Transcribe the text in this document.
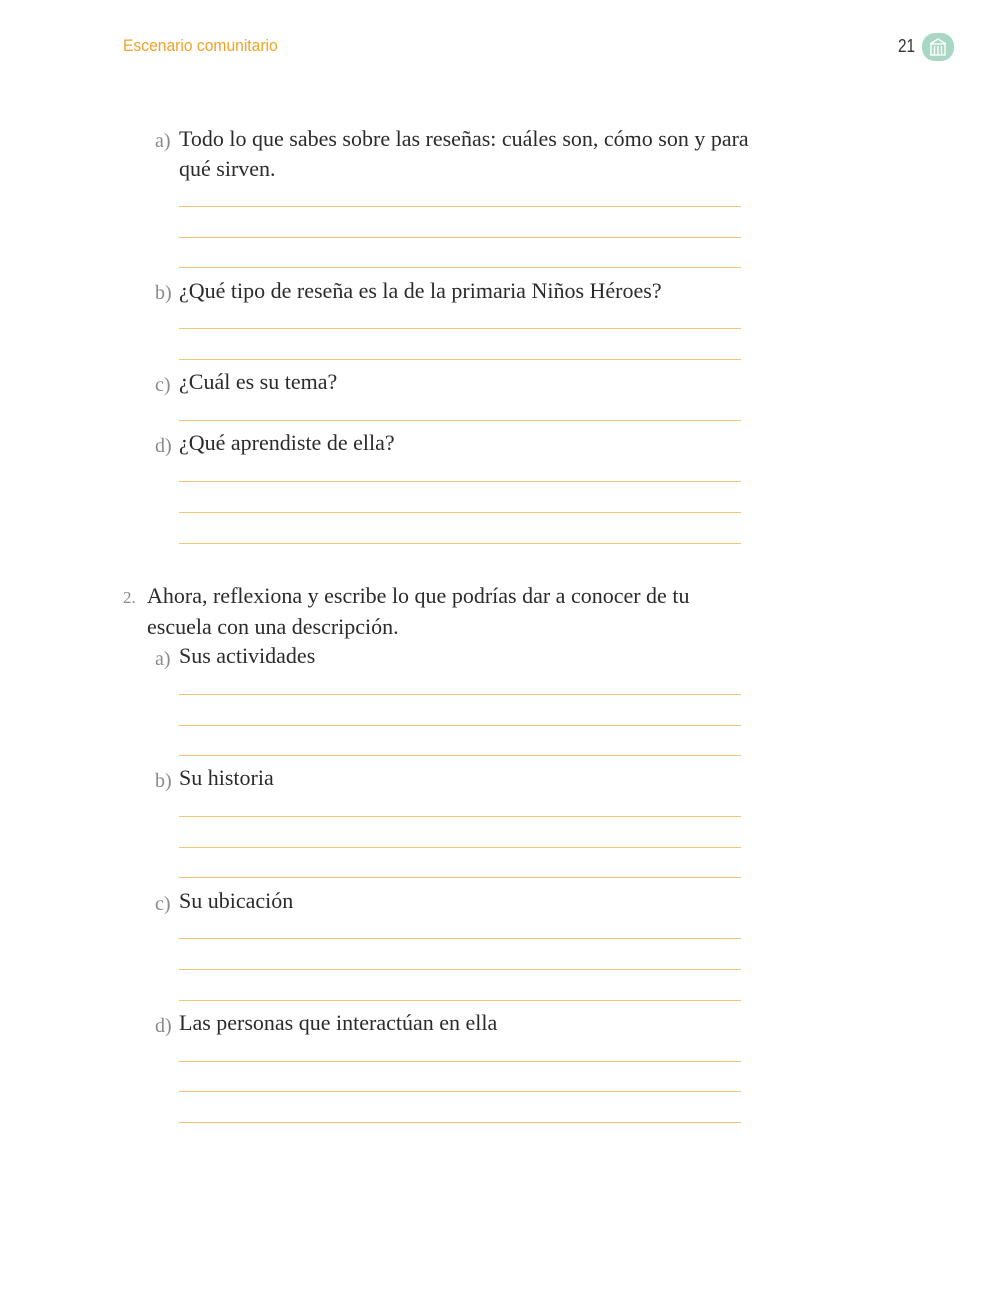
Escenario comunitario	21
a) Todo lo que sabes sobre las reseñas: cuáles son, cómo son y para qué sirven.
b) ¿Qué tipo de reseña es la de la primaria Niños Héroes?
c) ¿Cuál es su tema?
d) ¿Qué aprendiste de ella?
2. Ahora, reflexiona y escribe lo que podrías dar a conocer de tu escuela con una descripción.
a) Sus actividades
b) Su historia
c) Su ubicación
d) Las personas que interactúan en ella
